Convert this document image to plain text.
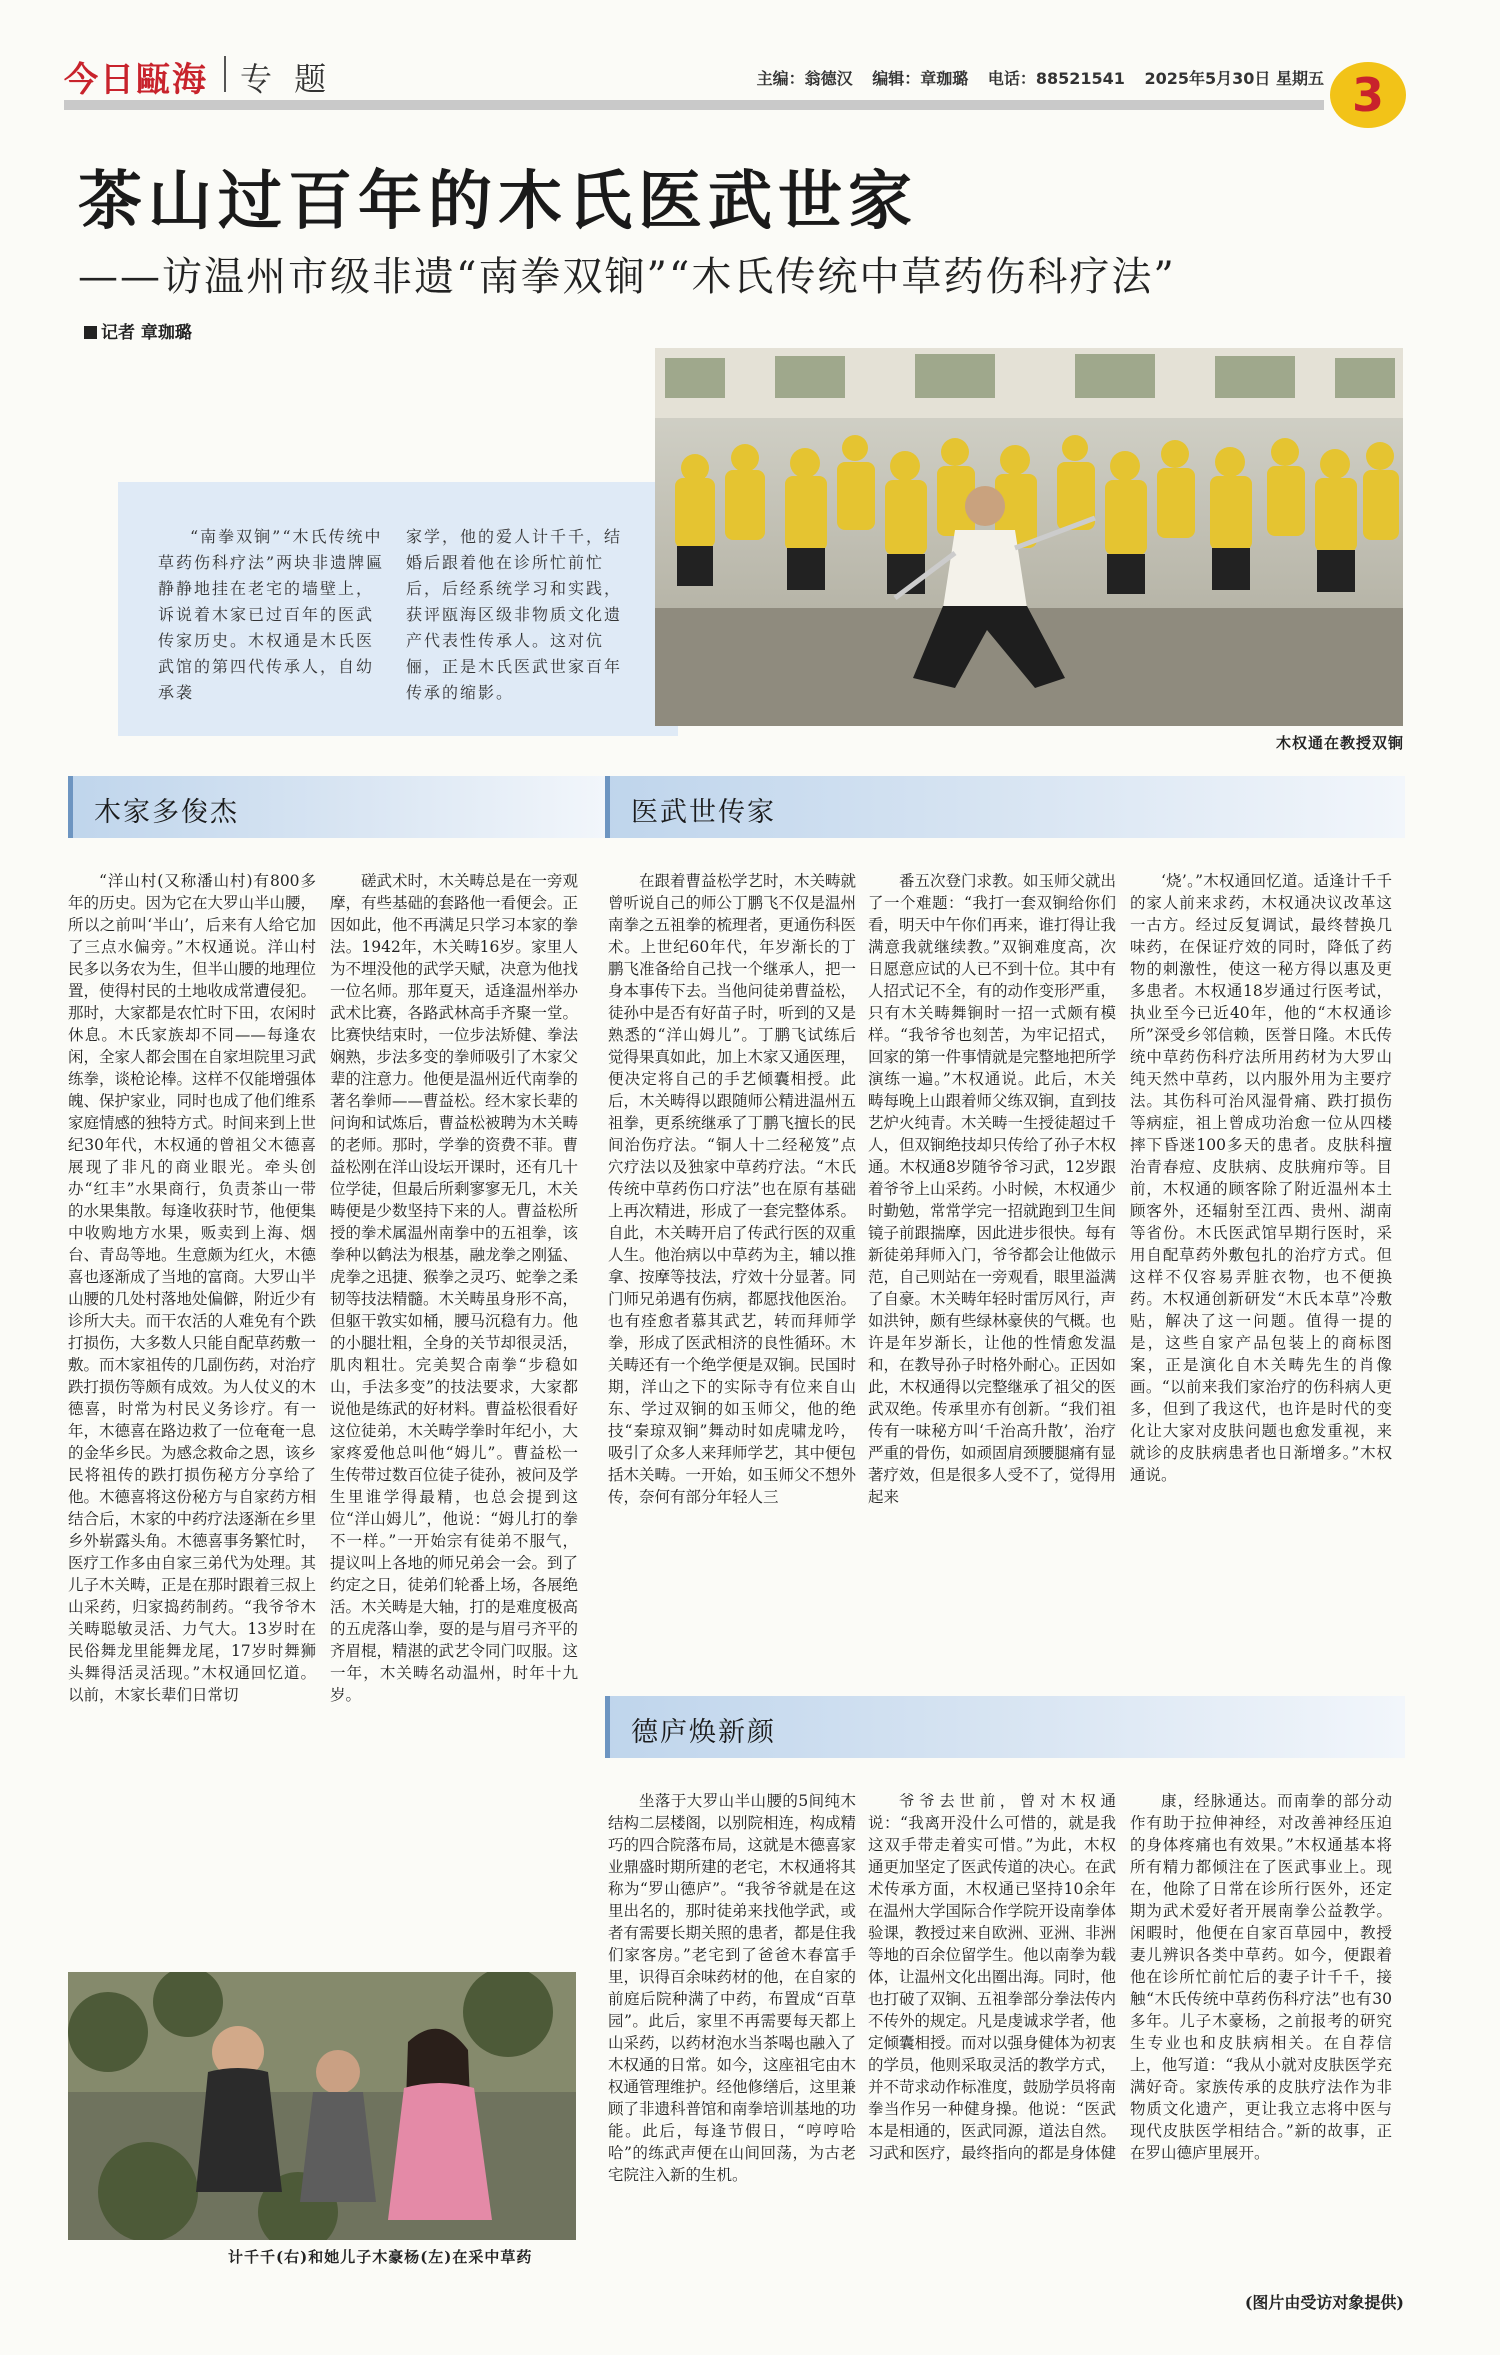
今日甌海 专 题	主编：翁德汉 编辑：章珈璐 电话：88521541 2025年5月30日 星期五 3
茶山过百年的木氏医武世家
——访温州市级非遗“南拳双锏”“木氏传统中草药伤科疗法”
记者 章珈璐

“南拳双锏”“木氏传统中草药伤科疗法”两块非遗牌匾静静地挂在老宅的墙壁上，诉说着木家已过百年的医武传家历史。木权通是木氏医武馆的第四代传承人，自幼承袭

家学，他的爱人计千千，结婚后跟着他在诊所忙前忙后，后经系统学习和实践，获评瓯海区级非物质文化遗产代表性传承人。这对伉俪，正是木氏医武世家百年传承的缩影。

木权通在教授双锏
木家多俊杰	医武世传家
德庐焕新颜

“洋山村(又称潘山村)有800多年的历史。因为它在大罗山半山腰，所以之前叫‘半山’，后来有人给它加了三点水偏旁。”木权通说。洋山村民多以务农为生，但半山腰的地理位置，使得村民的土地收成常遭侵犯。那时，大家都是农忙时下田，农闲时休息。木氏家族却不同——每逢农闲，全家人都会围在自家坦院里习武练拳，谈枪论棒。这样不仅能增强体魄、保护家业，同时也成了他们维系家庭情感的独特方式。时间来到上世纪30年代，木权通的曾祖父木德喜展现了非凡的商业眼光。牵头创办“红丰”水果商行，负责茶山一带的水果集散。每逢收获时节，他便集中收购地方水果，贩卖到上海、烟台、青岛等地。生意颇为红火，木德喜也逐渐成了当地的富商。大罗山半山腰的几处村落地处偏僻，附近少有诊所大夫。而干农活的人难免有个跌打损伤，大多数人只能自配草药敷一敷。而木家祖传的几副伤药，对治疗跌打损伤等颇有成效。为人仗义的木德喜，时常为村民义务诊疗。有一年，木德喜在路边救了一位奄奄一息的金华乡民。为感念救命之恩，该乡民将祖传的跌打损伤秘方分享给了他。木德喜将这份秘方与自家药方相结合后，木家的中药疗法逐渐在乡里乡外崭露头角。木德喜事务繁忙时，医疗工作多由自家三弟代为处理。其儿子木关畴，正是在那时跟着三叔上山采药，归家捣药制药。“我爷爷木关畴聪敏灵活、力气大。13岁时在民俗舞龙里能舞龙尾，17岁时舞狮头舞得活灵活现。”木权通回忆道。以前，木家长辈们日常切

磋武术时，木关畴总是在一旁观摩，有些基础的套路他一看便会。正因如此，他不再满足只学习本家的拳法。1942年，木关畴16岁。家里人为不埋没他的武学天赋，决意为他找一位名师。那年夏天，适逢温州举办武术比赛，各路武林高手齐聚一堂。比赛快结束时，一位步法矫健、拳法娴熟，步法多变的拳师吸引了木家父辈的注意力。他便是温州近代南拳的著名拳师——曹益松。经木家长辈的问询和试炼后，曹益松被聘为木关畴的老师。那时，学拳的资费不菲。曹益松刚在洋山设坛开课时，还有几十位学徒，但最后所剩寥寥无几，木关畴便是少数坚持下来的人。曹益松所授的拳术属温州南拳中的五祖拳，该拳种以鹤法为根基，融龙拳之刚猛、虎拳之迅捷、猴拳之灵巧、蛇拳之柔韧等技法精髓。木关畴虽身形不高，但躯干敦实如桶，腰马沉稳有力。他的小腿壮粗，全身的关节却很灵活，肌肉粗壮。完美契合南拳“步稳如山，手法多变”的技法要求，大家都说他是练武的好材料。曹益松很看好这位徒弟，木关畴学拳时年纪小，大家疼爱他总叫他“姆儿”。曹益松一生传带过数百位徒子徒孙，被问及学生里谁学得最精，也总会提到这位“洋山姆儿”，他说：“姆儿打的拳不一样。”一开始宗有徒弟不服气，提议叫上各地的师兄弟会一会。到了约定之日，徒弟们轮番上场，各展绝活。木关畴是大轴，打的是难度极高的五虎落山拳，耍的是与眉弓齐平的齐眉棍，精湛的武艺令同门叹服。这一年，木关畴名动温州，时年十九岁。

在跟着曹益松学艺时，木关畴就曾听说自己的师公丁鹏飞不仅是温州南拳之五祖拳的梳理者，更通伤科医术。上世纪60年代，年岁渐长的丁鹏飞准备给自己找一个继承人，把一身本事传下去。当他问徒弟曹益松，徒孙中是否有好苗子时，听到的又是熟悉的“洋山姆儿”。丁鹏飞试练后觉得果真如此，加上木家又通医理，便决定将自己的手艺倾囊相授。此后，木关畴得以跟随师公精进温州五祖拳，更系统继承了丁鹏飞擅长的民间治伤疗法。“铜人十二经秘笈”点穴疗法以及独家中草药疗法。“木氏传统中草药伤口疗法”也在原有基础上再次精进，形成了一套完整体系。自此，木关畴开启了传武行医的双重人生。他治病以中草药为主，辅以推拿、按摩等技法，疗效十分显著。同门师兄弟遇有伤病，都愿找他医治。也有痊愈者慕其武艺，转而拜师学拳，形成了医武相济的良性循环。木关畴还有一个绝学便是双锏。民国时期，洋山之下的实际寺有位来自山东、学过双锏的如玉师父，他的绝技“秦琼双锏”舞动时如虎啸龙吟，吸引了众多人来拜师学艺，其中便包括木关畴。一开始，如玉师父不想外传，奈何有部分年轻人三

番五次登门求教。如玉师父就出了一个难题：“我打一套双锏给你们看，明天中午你们再来，谁打得让我满意我就继续教。”双锏难度高，次日愿意应试的人已不到十位。其中有人招式记不全，有的动作变形严重，只有木关畴舞锏时一招一式颇有模样。“我爷爷也刻苦，为牢记招式，回家的第一件事情就是完整地把所学演练一遍。”木权通说。此后，木关畴每晚上山跟着师父练双锏，直到技艺炉火纯青。木关畴一生授徒超过千人，但双锏绝技却只传给了孙子木权通。木权通8岁随爷爷习武，12岁跟着爷爷上山采药。小时候，木权通少时勤勉，常常学完一招就跑到卫生间镜子前跟揣摩，因此进步很快。每有新徒弟拜师入门，爷爷都会让他做示范，自己则站在一旁观看，眼里溢满了自豪。木关畴年轻时雷厉风行，声如洪钟，颇有些绿林豪侠的气概。也许是年岁渐长，让他的性情愈发温和，在教导孙子时格外耐心。正因如此，木权通得以完整继承了祖父的医武双绝。传承里亦有创新。“我们祖传有一味秘方叫‘千治高升散’，治疗严重的骨伤，如顽固肩颈腰腿痛有显著疗效，但是很多人受不了，觉得用起来

‘烧’。”木权通回忆道。适逢计千千的家人前来求药，木权通决议改革这一古方。经过反复调试，最终替换几味药，在保证疗效的同时，降低了药物的刺激性，使这一秘方得以惠及更多患者。木权通18岁通过行医考试，执业至今已近40年，他的“木权通诊所”深受乡邻信赖，医誉日隆。木氏传统中草药伤科疗法所用药材为大罗山纯天然中草药，以内服外用为主要疗法。其伤科可治风湿骨痛、跌打损伤等病症，祖上曾成功治愈一位从四楼摔下昏迷100多天的患者。皮肤科擅治青春痘、皮肤病、皮肤痈疖等。目前，木权通的顾客除了附近温州本土顾客外，还辐射至江西、贵州、湖南等省份。木氏医武馆早期行医时，采用自配草药外敷包扎的治疗方式。但这样不仅容易弄脏衣物，也不便换药。木权通创新研发“木氏本草”冷敷贴，解决了这一问题。值得一提的是，这些自家产品包装上的商标图案，正是演化自木关畴先生的肖像画。“以前来我们家治疗的伤科病人更多，但到了我这代，也许是时代的变化让大家对皮肤问题也愈发重视，来就诊的皮肤病患者也日渐增多。”木权通说。

坐落于大罗山半山腰的5间纯木结构二层楼阁，以别院相连，构成精巧的四合院落布局，这就是木德喜家业鼎盛时期所建的老宅，木权通将其称为“罗山德庐”。“我爷爷就是在这里出名的，那时徒弟来找他学武，或者有需要长期关照的患者，都是住我们家客房。”老宅到了爸爸木春富手里，识得百余味药材的他，在自家的前庭后院种满了中药，布置成“百草园”。此后，家里不再需要每天都上山采药，以药材泡水当茶喝也融入了木权通的日常。如今，这座祖宅由木权通管理维护。经他修缮后，这里兼顾了非遗科普馆和南拳培训基地的功能。此后，每逢节假日，“哼哼哈哈”的练武声便在山间回荡，为古老宅院注入新的生机。

爷爷去世前，曾对木权通说：“我离开没什么可惜的，就是我这双手带走着实可惜。”为此，木权通更加坚定了医武传道的决心。在武术传承方面，木权通已坚持10余年在温州大学国际合作学院开设南拳体验课，教授过来自欧洲、亚洲、非洲等地的百余位留学生。他以南拳为载体，让温州文化出圈出海。同时，他也打破了双锏、五祖拳部分拳法传内不传外的规定。凡是虔诚求学者，他定倾囊相授。而对以强身健体为初衷的学员，他则采取灵活的教学方式，并不苛求动作标准度，鼓励学员将南拳当作另一种健身操。他说：“医武本是相通的，医武同源，道法自然。习武和医疗，最终指向的都是身体健

康，经脉通达。而南拳的部分动作有助于拉伸神经，对改善神经压迫的身体疼痛也有效果。”木权通基本将所有精力都倾注在了医武事业上。现在，他除了日常在诊所行医外，还定期为武术爱好者开展南拳公益教学。闲暇时，他便在自家百草园中，教授妻儿辨识各类中草药。如今，便跟着他在诊所忙前忙后的妻子计千千，接触“木氏传统中草药伤科疗法”也有30多年。儿子木豪杨，之前报考的研究生专业也和皮肤病相关。在自荐信上，他写道：“我从小就对皮肤医学充满好奇。家族传承的皮肤疗法作为非物质文化遗产，更让我立志将中医与现代皮肤医学相结合。”新的故事，正在罗山德庐里展开。

计千千(右)和她儿子木豪杨(左)在采中草药
(图片由受访对象提供)
